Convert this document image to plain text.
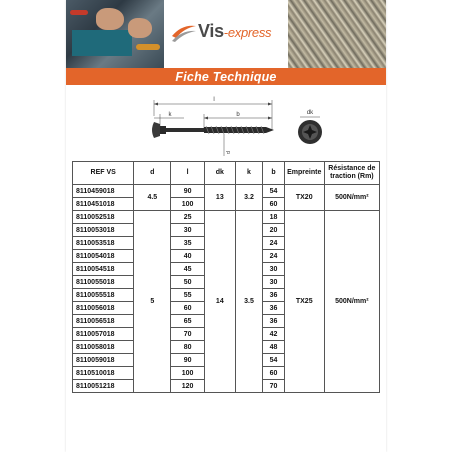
Vis-express
Fiche Technique
l
k	b
d
dk
REF VS	d	l	dk	k	b	Empreinte	Résistance de traction (Rm)
8110459018	4.5	90	13	3.2	54	TX20	500N/mm²
8110451018		100			60		
8110052518	5	25	14	3.5	18	TX25	500N/mm²
8110053018		30			20		
8110053518		35			24		
8110054018		40			24		
8110054518		45			30		
8110055018		50			30		
8110055518		55			36		
8110056018		60			36		
8110056518		65			36		
8110057018		70			42		
8110058018		80			48		
8110059018		90			54		
8110510018		100			60		
8110051218		120			70		
